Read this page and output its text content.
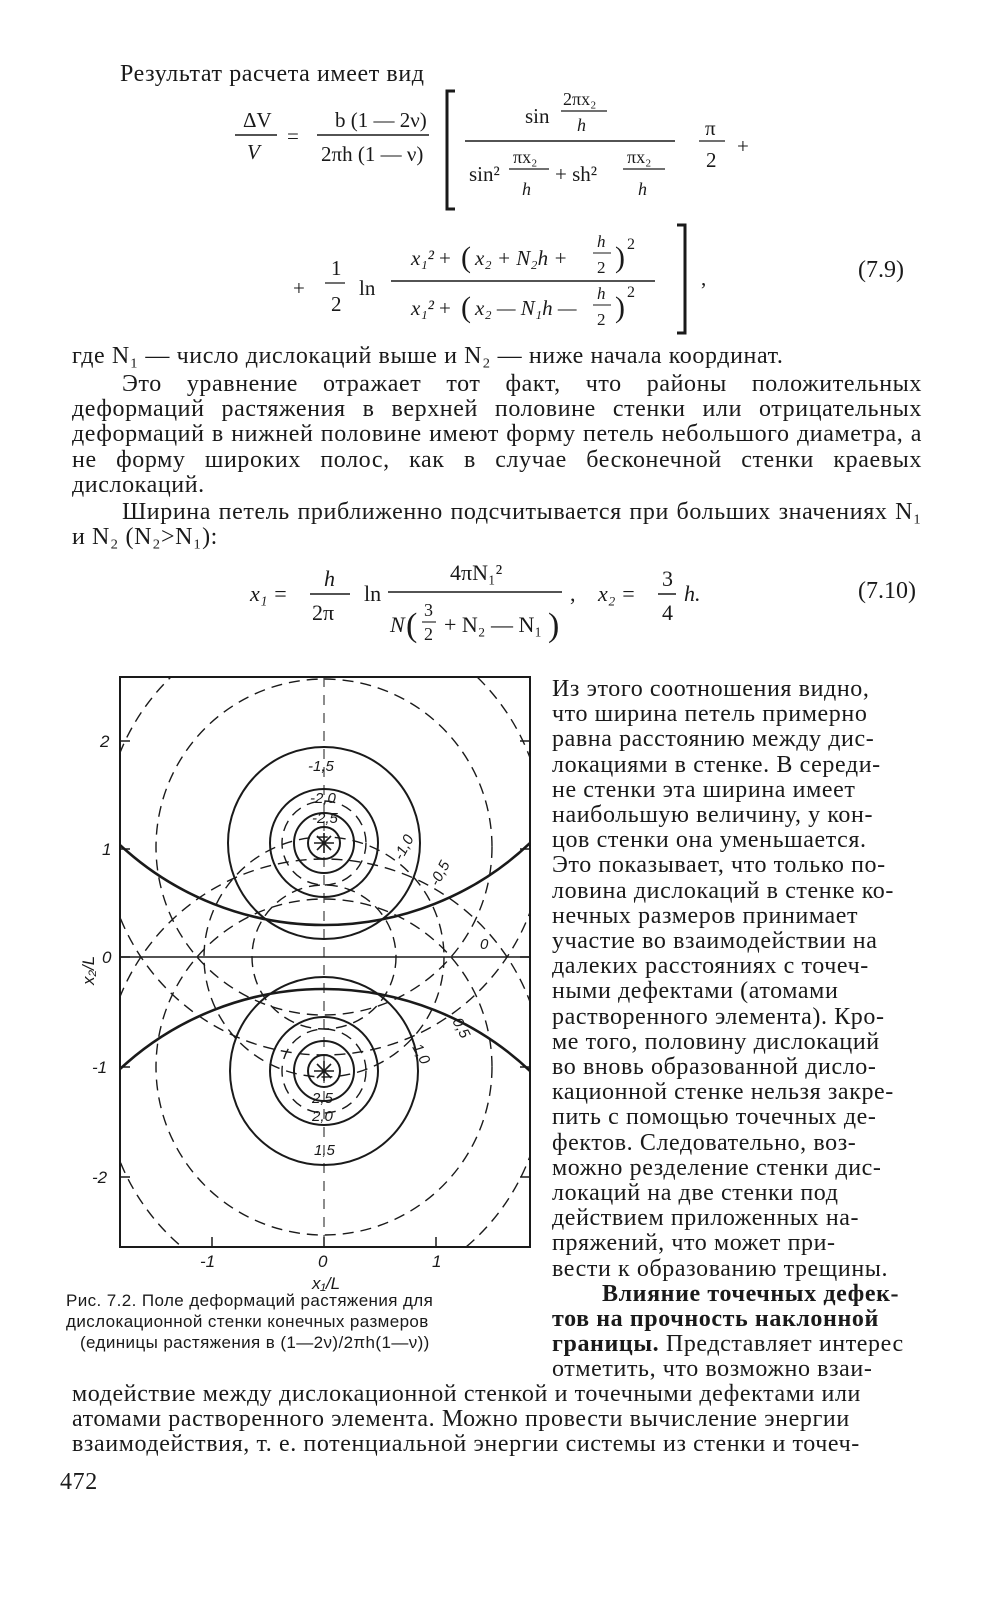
Результат расчета имеет вид

ΔV
V
=
b (1 — 2ν)
2πh (1 — ν)
sin
2πx₂
h
sin²
πx₂
h
+ sh²
πx₂
h
π
2
+
+
1
2
ln
x₁² + ( x₂ + N₂h +
h
2 ) 2
x₁² + ( x₂ — N₁h —
h
2 ) 2
,	(7.9)

где N₁ — число дислокаций выше и N₂ — ниже начала координат.

Это уравнение отражает тот факт, что районы положительных деформаций растяжения в верхней половине стенки или отрицательных деформаций в нижней половине имеют форму петель небольшого диаметра, а не форму широких полос, как в случае бесконечной стенки краевых дислокаций.

Ширина петель приближенно подсчитывается при больших значениях N₁ и N₂ (N₂>N₁):

x₁ =
h
2π
ln
4πN₁²
N ( 3
2 + N₂ — N₁ )
, x₂ =
3
4
h.	(7.10)
2
1
0
-1
-2
-1	0	1
x₁/L
x₂/L
-1,5
-2,0
-2,5
-1,0
-0,5
0
0,5
1,0
2,5
2,0
1,5
Рис. 7.2. Поле деформаций растяжения для
дислокационной стенки конечных размеров
(единицы растяжения в (1—2ν)/2πh(1—ν))
Из этого соотношения видно,
что ширина петель примерно
равна расстоянию между дис-
локациями в стенке. В середи-
не стенки эта ширина имеет
наибольшую величину, у кон-
цов стенки она уменьшается.
Это показывает, что только по-
ловина дислокаций в стенке ко-
нечных размеров принимает
участие во взаимодействии на
далеких расстояниях с точеч-
ными дефектами (атомами
растворенного элемента). Кро-
ме того, половину дислокаций
во вновь образованной дисло-
кационной стенке нельзя закре-
пить с помощью точечных де-
фектов. Следовательно, воз-
можно резделение стенки дис-
локаций на две стенки под
действием приложенных на-
пряжений, что может при-
вести к образованию трещины.
Влияние точечных дефек-
тов на прочность наклонной
границы. Представляет интерес
отметить, что возможно взаи-
модействие между дислокационной стенкой и точечными дефектами или
атомами растворенного элемента. Можно провести вычисление энергии
взаимодействия, т. е. потенциальной энергии системы из стенки и точеч-
472
